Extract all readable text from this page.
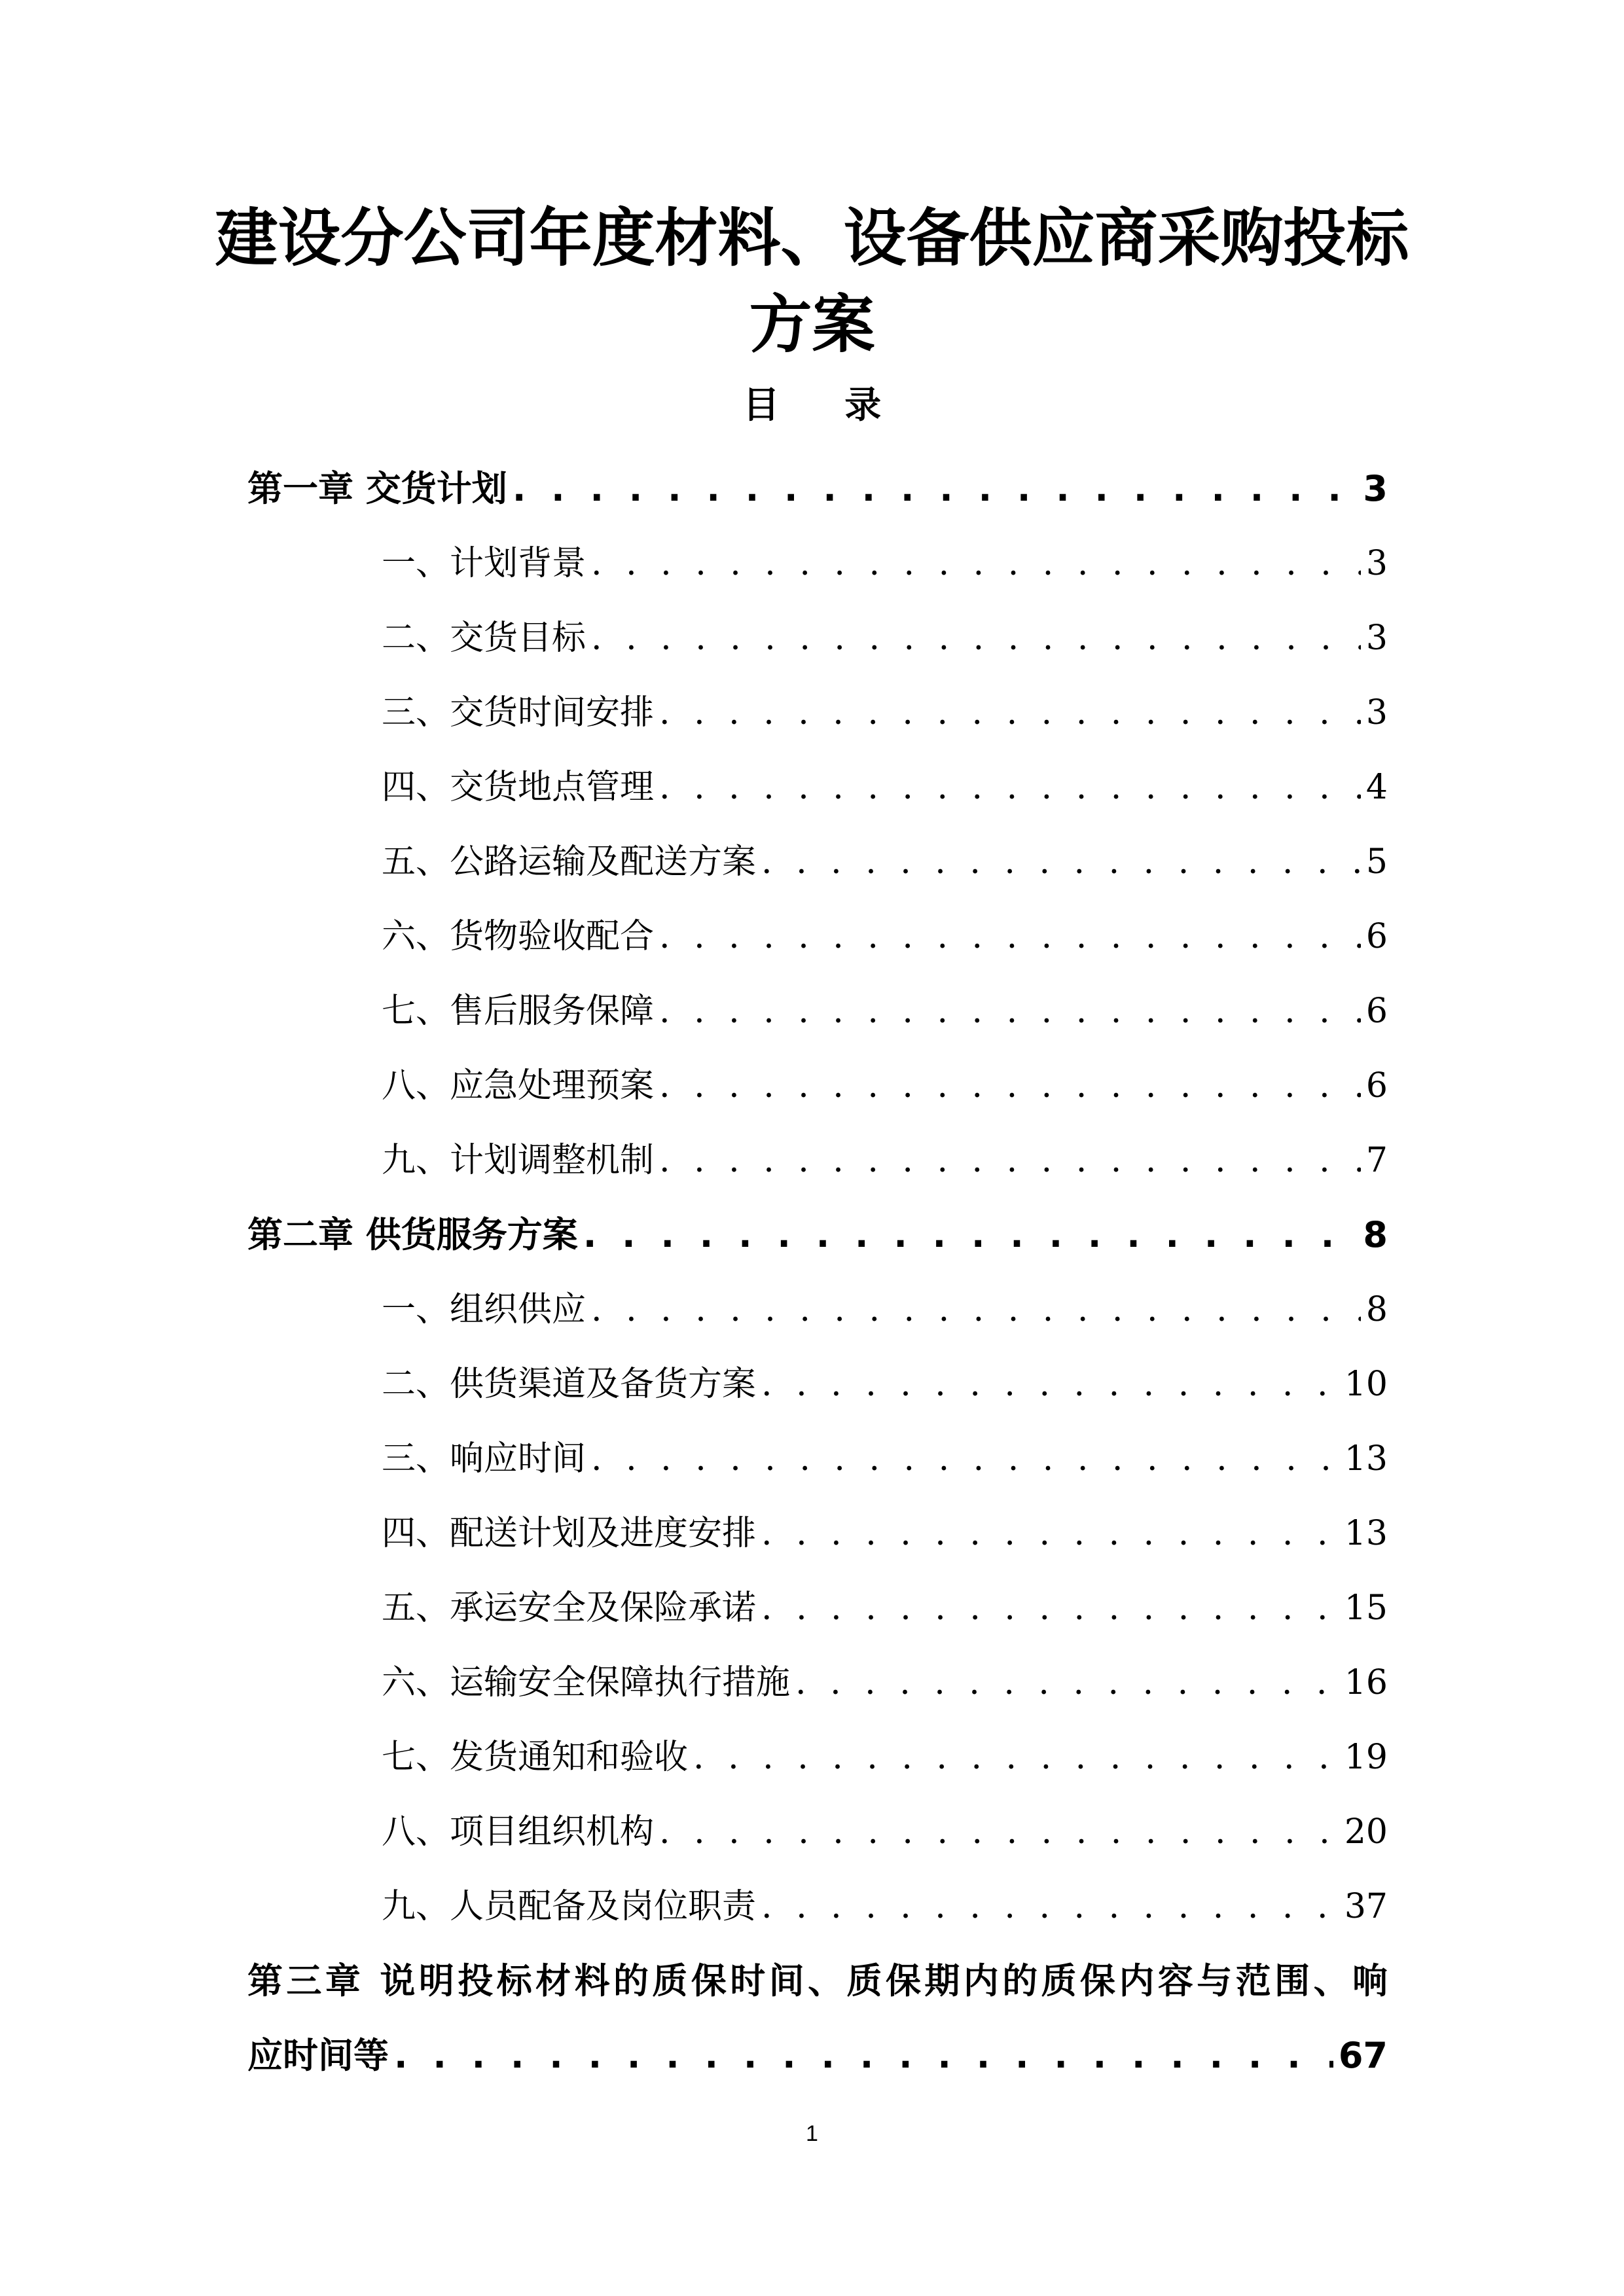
建设分公司年度材料、设备供应商采购投标
方案
目 录
第一章 交货计划 . . .	3
一、计划背景 . . .	3
二、交货目标 . . .	3
三、交货时间安排 . . .	3
四、交货地点管理 . . .	4
五、公路运输及配送方案 . . .	5
六、货物验收配合 . . .	6
七、售后服务保障 . . .	6
八、应急处理预案 . . .	6
九、计划调整机制 . . .	7
第二章 供货服务方案 . . .	8
一、组织供应 . . .	8
二、供货渠道及备货方案 . . .	10
三、响应时间 . . .	13
四、配送计划及进度安排 . . .	13
五、承运安全及保险承诺 . . .	15
六、运输安全保障执行措施 . . .	16
七、发货通知和验收 . . .	19
八、项目组织机构 . . .	20
九、人员配备及岗位职责 . . .	37
第三章 说明投标材料的质保时间、质保期内的质保内容与范围、响
应时间等 . . .	67
1
